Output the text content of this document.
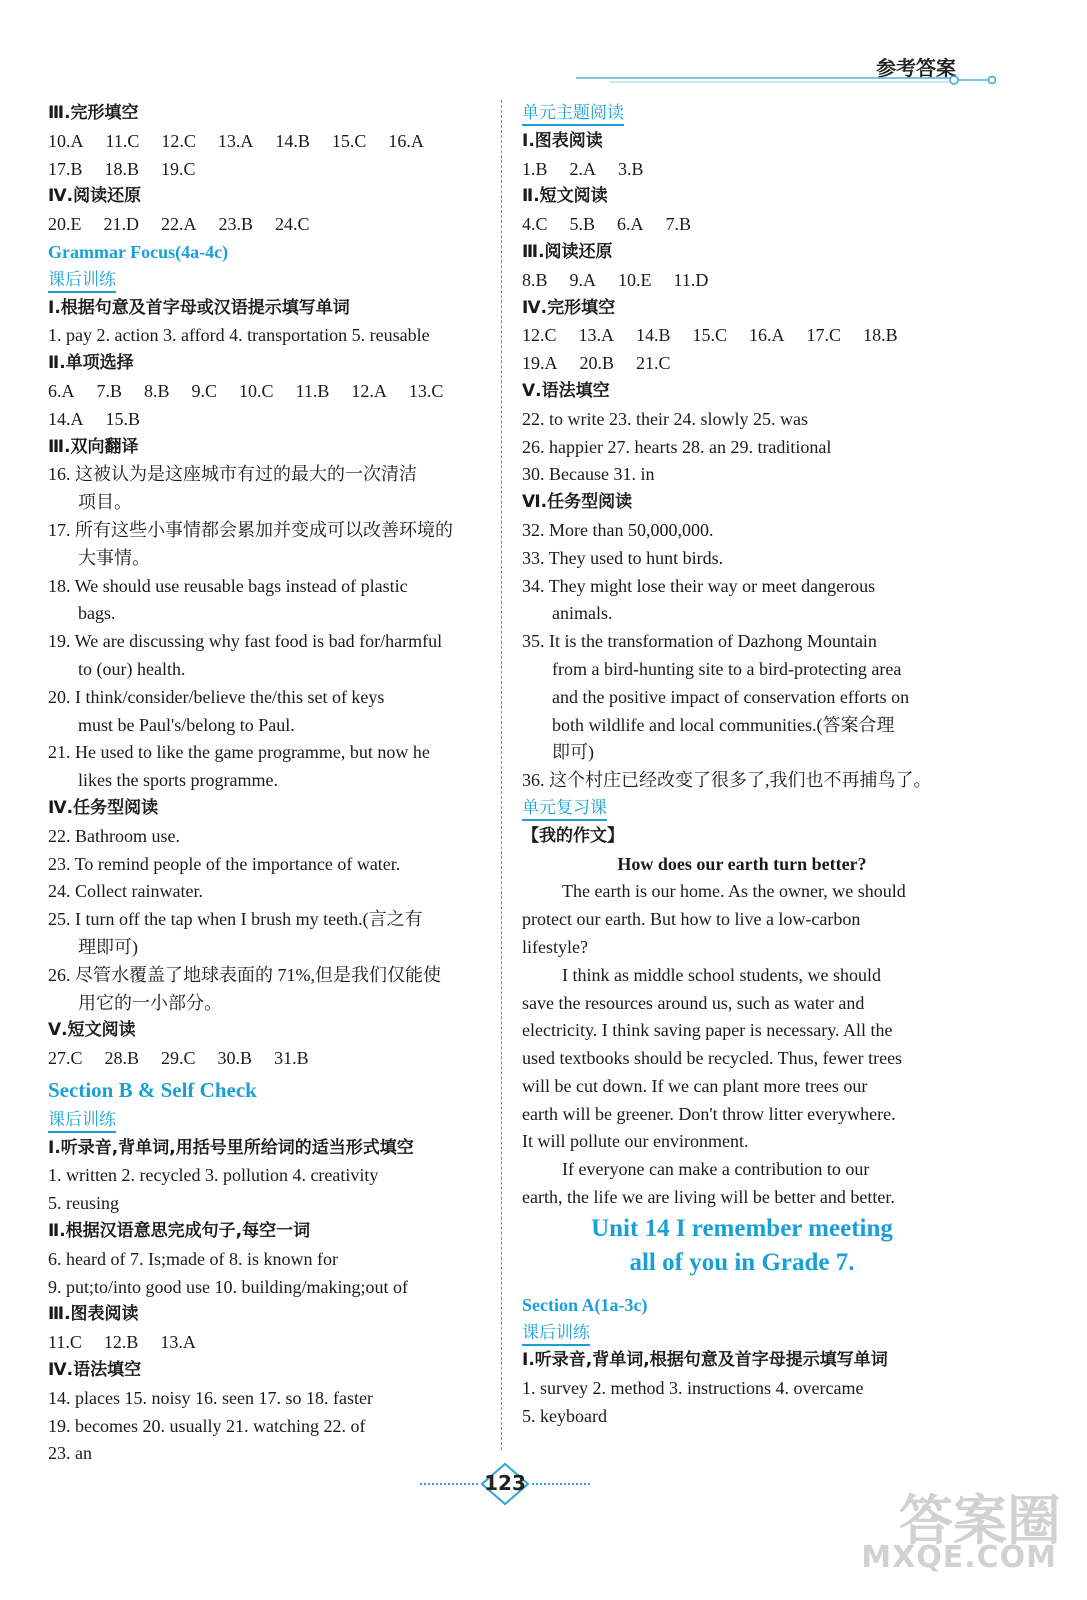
参考答案
Ⅲ.完形填空
10.A 11.C 12.C 13.A 14.B 15.C 16.A
17.B 18.B 19.C
Ⅳ.阅读还原
20.E 21.D 22.A 23.B 24.C
Grammar Focus(4a-4c)
课后训练
Ⅰ.根据句意及首字母或汉语提示填写单词
1. pay 2. action 3. afford 4. transportation 5. reusable
Ⅱ.单项选择
6.A 7.B 8.B 9.C 10.C 11.B 12.A 13.C
14.A 15.B
Ⅲ.双向翻译
16. 这被认为是这座城市有过的最大的一次清洁
项目。
17. 所有这些小事情都会累加并变成可以改善环境的
大事情。
18. We should use reusable bags instead of plastic
bags.
19. We are discussing why fast food is bad for/harmful
to (our) health.
20. I think/consider/believe the/this set of keys
must be Paul's/belong to Paul.
21. He used to like the game programme, but now he
likes the sports programme.
Ⅳ.任务型阅读
22. Bathroom use.
23. To remind people of the importance of water.
24. Collect rainwater.
25. I turn off the tap when I brush my teeth.(言之有
理即可)
26. 尽管水覆盖了地球表面的 71%,但是我们仅能使
用它的一小部分。
Ⅴ.短文阅读
27.C 28.B 29.C 30.B 31.B
Section B & Self Check
课后训练
Ⅰ.听录音,背单词,用括号里所给词的适当形式填空
1. written 2. recycled 3. pollution 4. creativity
5. reusing
Ⅱ.根据汉语意思完成句子,每空一词
6. heard of 7. Is;made of 8. is known for
9. put;to/into good use 10. building/making;out of
Ⅲ.图表阅读
11.C 12.B 13.A
Ⅳ.语法填空
14. places 15. noisy 16. seen 17. so 18. faster
19. becomes 20. usually 21. watching 22. of
23. an
单元主题阅读
Ⅰ.图表阅读
1.B 2.A 3.B
Ⅱ.短文阅读
4.C 5.B 6.A 7.B
Ⅲ.阅读还原
8.B 9.A 10.E 11.D
Ⅳ.完形填空
12.C 13.A 14.B 15.C 16.A 17.C 18.B
19.A 20.B 21.C
Ⅴ.语法填空
22. to write 23. their 24. slowly 25. was
26. happier 27. hearts 28. an 29. traditional
30. Because 31. in
Ⅵ.任务型阅读
32. More than 50,000,000.
33. They used to hunt birds.
34. They might lose their way or meet dangerous
animals.
35. It is the transformation of Dazhong Mountain
from a bird-hunting site to a bird-protecting area
and the positive impact of conservation efforts on
both wildlife and local communities.(答案合理
即可)
36. 这个村庄已经改变了很多了,我们也不再捕鸟了。
单元复习课
【我的作文】
How does our earth turn better?
The earth is our home. As the owner, we should
protect our earth. But how to live a low-carbon
lifestyle?
I think as middle school students, we should
save the resources around us, such as water and
electricity. I think saving paper is necessary. All the
used textbooks should be recycled. Thus, fewer trees
will be cut down. If we can plant more trees our
earth will be greener. Don't throw litter everywhere.
It will pollute our environment.
If everyone can make a contribution to our
earth, the life we are living will be better and better.
Unit 14 I remember meeting
all of you in Grade 7.
Section A(1a-3c)
课后训练
Ⅰ.听录音,背单词,根据句意及首字母提示填写单词
1. survey 2. method 3. instructions 4. overcame
5. keyboard
123
答案圈
MXQE.COM
